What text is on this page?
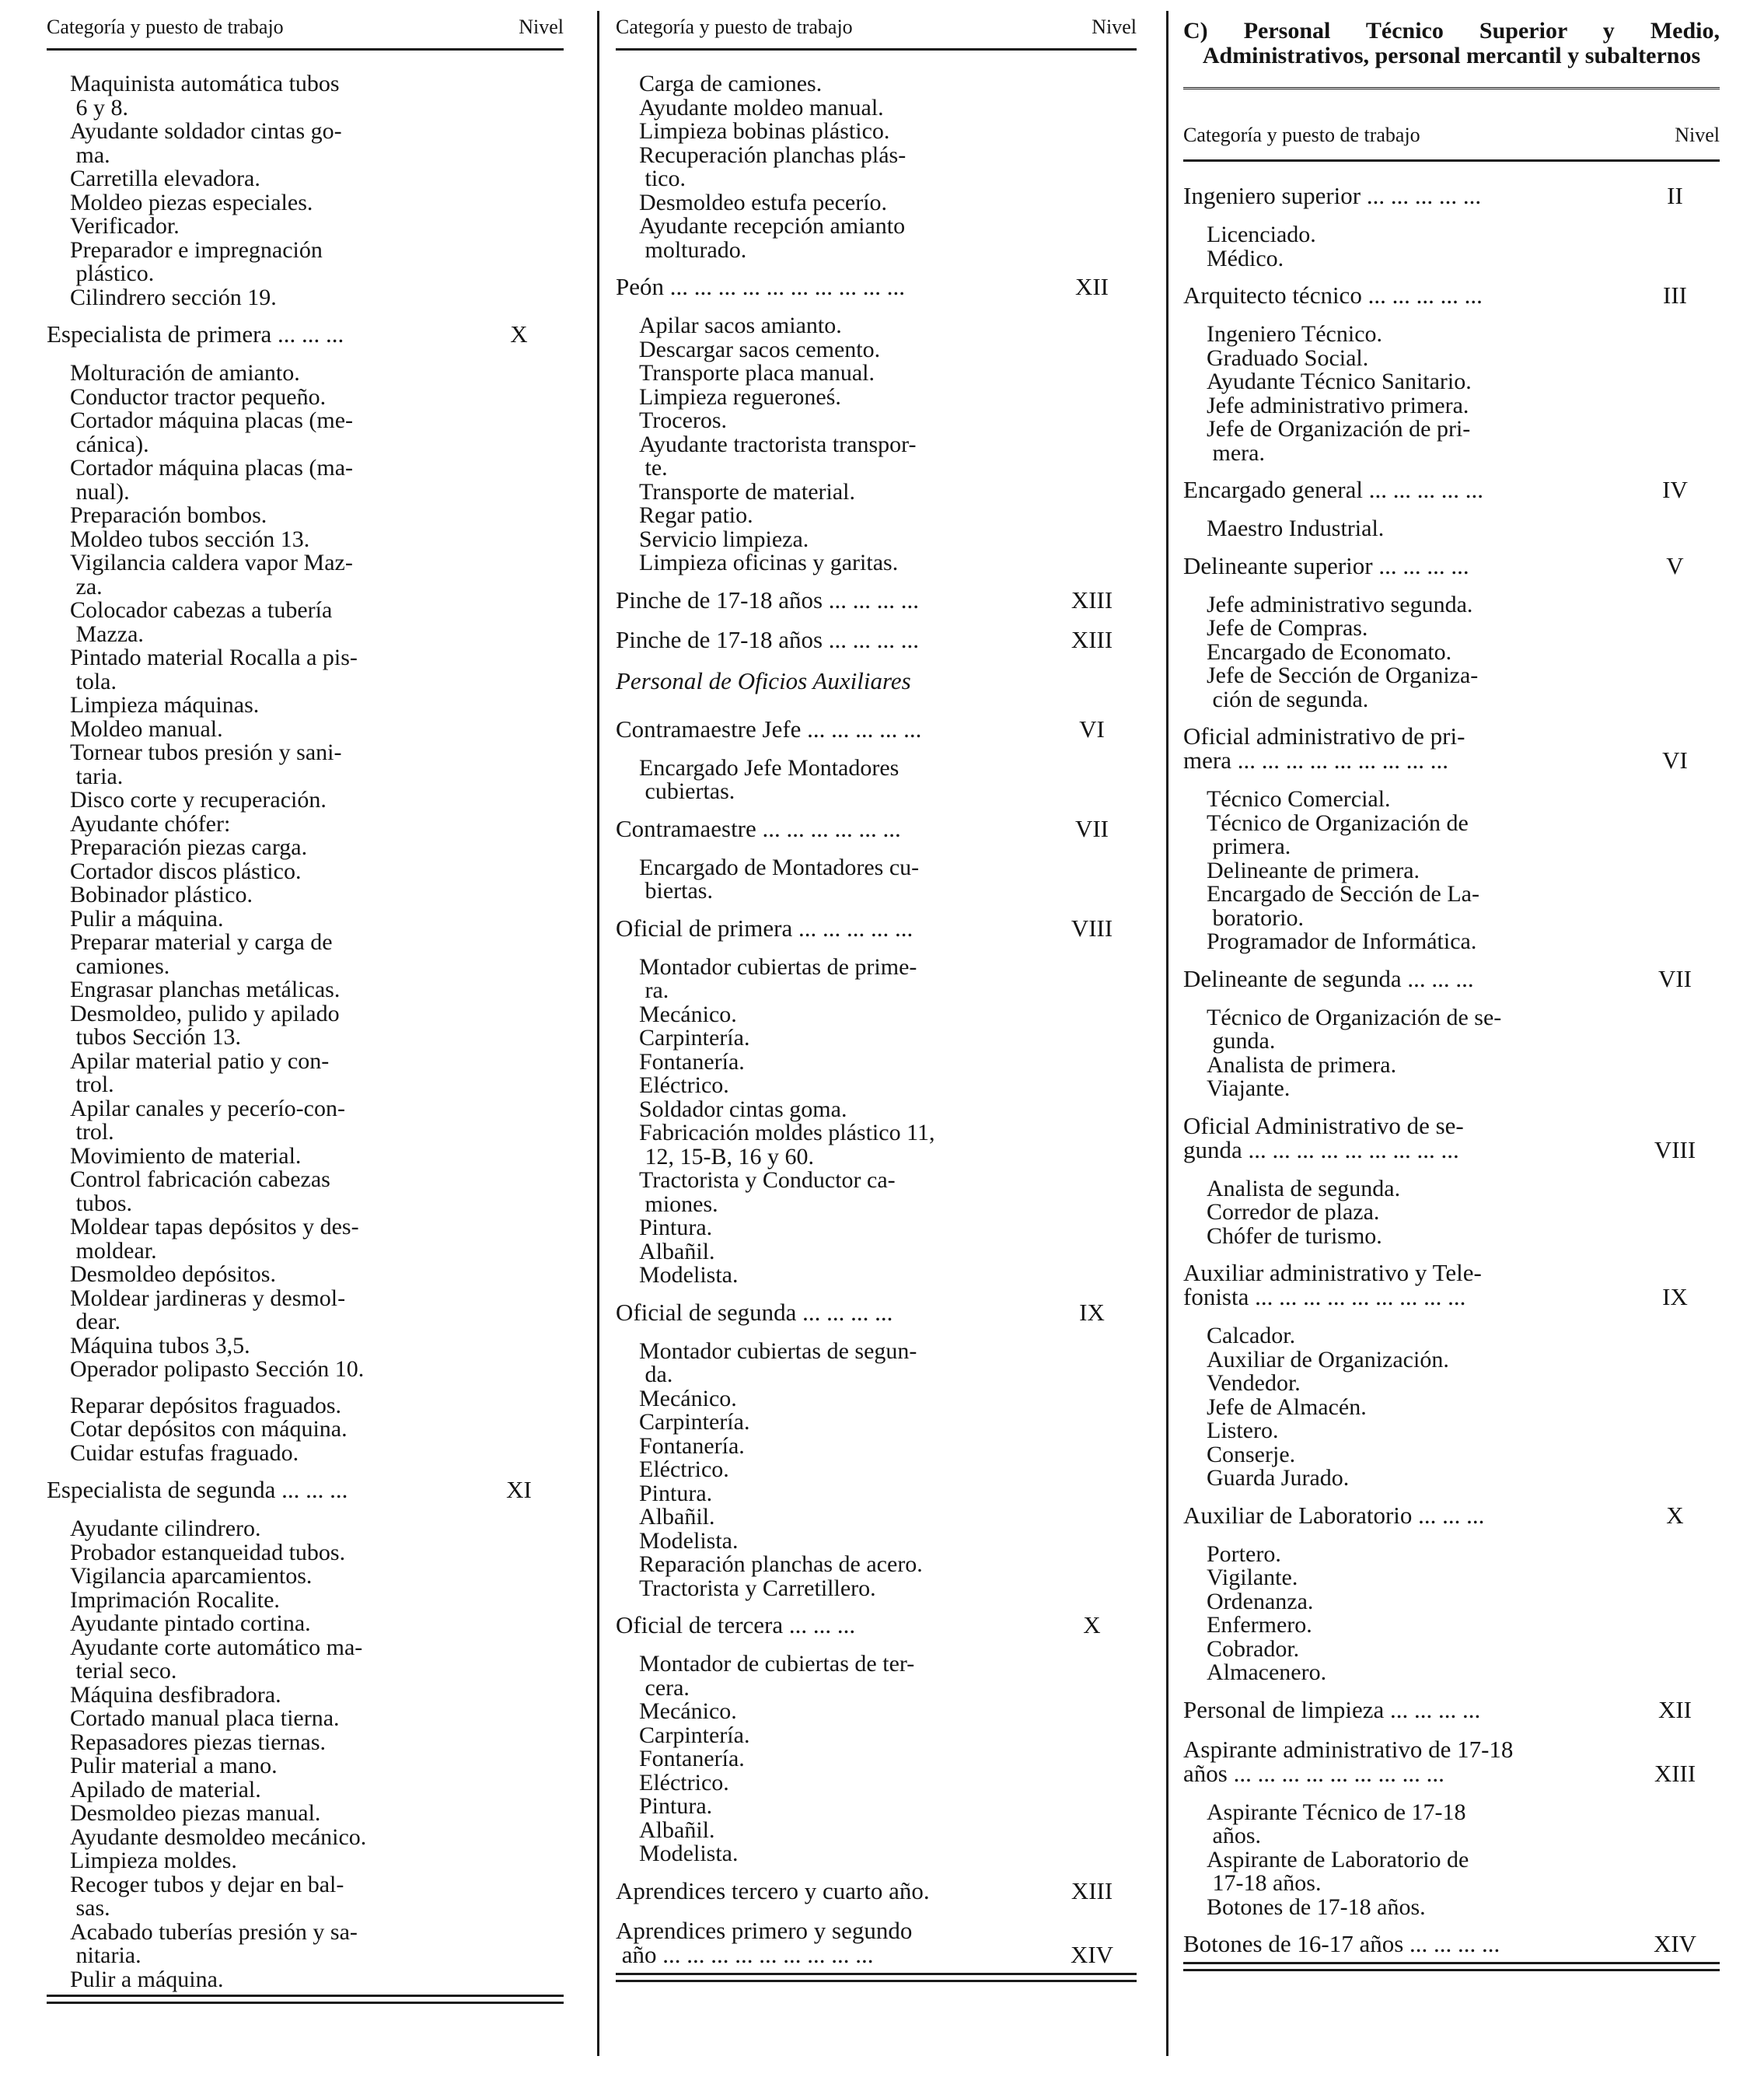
Categoría y puesto de trabajo	Nivel
Maquinista automática tubos
6 y 8.
Ayudante soldador cintas go-
ma.
Carretilla elevadora.
Moldeo piezas especiales.
Verificador.
Preparador e impregnación
plástico.
Cilindrero sección 19.
Especialista de primera ... ... ...	X
Molturación de amianto.
Conductor tractor pequeño.
Cortador máquina placas (me-
cánica).
Cortador máquina placas (ma-
nual).
Preparación bombos.
Moldeo tubos sección 13.
Vigilancia caldera vapor Maz-
za.
Colocador cabezas a tubería
Mazza.
Pintado material Rocalla a pis-
tola.
Limpieza máquinas.
Moldeo manual.
Tornear tubos presión y sani-
taria.
Disco corte y recuperación.
Ayudante chófer:
Preparación piezas carga.
Cortador discos plástico.
Bobinador plástico.
Pulir a máquina.
Preparar material y carga de
camiones.
Engrasar planchas metálicas.
Desmoldeo, pulido y apilado
tubos Sección 13.
Apilar material patio y con-
trol.
Apilar canales y pecerío-con-
trol.
Movimiento de material.
Control fabricación cabezas
tubos.
Moldear tapas depósitos y des-
moldear.
Desmoldeo depósitos.
Moldear jardineras y desmol-
dear.
Máquina tubos 3,5.
Operador polipasto Sección 10.
Reparar depósitos fraguados.
Cotar depósitos con máquina.
Cuidar estufas fraguado.
Especialista de segunda ... ... ...	XI
Ayudante cilindrero.
Probador estanqueidad tubos.
Vigilancia aparcamientos.
Imprimación Rocalite.
Ayudante pintado cortina.
Ayudante corte automático ma-
terial seco.
Máquina desfibradora.
Cortado manual placa tierna.
Repasadores piezas tiernas.
Pulir material a mano.
Apilado de material.
Desmoldeo piezas manual.
Ayudante desmoldeo mecánico.
Limpieza moldes.
Recoger tubos y dejar en bal-
sas.
Acabado tuberías presión y sa-
nitaria.
Pulir a máquina.
Categoría y puesto de trabajo	Nivel
Carga de camiones.
Ayudante moldeo manual.
Limpieza bobinas plástico.
Recuperación planchas plás-
tico.
Desmoldeo estufa pecerío.
Ayudante recepción amianto
molturado.
Peón ... ... ... ... ... ... ... ... ... ...	XII
Apilar sacos amianto.
Descargar sacos cemento.
Transporte placa manual.
Limpieza regueroneś.
Troceros.
Ayudante tractorista transpor-
te.
Transporte de material.
Regar patio.
Servicio limpieza.
Limpieza oficinas y garitas.
Pinche de 17-18 años ... ... ... ...	XIII
Pinche de 17-18 años ... ... ... ...	XIII
Personal de Oficios Auxiliares
Contramaestre Jefe ... ... ... ... ...	VI
Encargado Jefe Montadores
cubiertas.
Contramaestre ... ... ... ... ... ...	VII
Encargado de Montadores cu-
biertas.
Oficial de primera ... ... ... ... ...	VIII
Montador cubiertas de prime-
ra.
Mecánico.
Carpintería.
Fontanería.
Eléctrico.
Soldador cintas goma.
Fabricación moldes plástico 11,
12, 15-B, 16 y 60.
Tractorista y Conductor ca-
miones.
Pintura.
Albañil.
Modelista.
Oficial de segunda ... ... ... ...	IX
Montador cubiertas de segun-
da.
Mecánico.
Carpintería.
Fontanería.
Eléctrico.
Pintura.
Albañil.
Modelista.
Reparación planchas de acero.
Tractorista y Carretillero.
Oficial de tercera ... ... ...	X
Montador de cubiertas de ter-
cera.
Mecánico.
Carpintería.
Fontanería.
Eléctrico.
Pintura.
Albañil.
Modelista.
Aprendices tercero y cuarto año.	XIII
Aprendices primero y segundo
año ... ... ... ... ... ... ... ... ...	XIV
C) Personal Técnico Superior y Medio, Administrativos, personal mercantil y subalternos
Categoría y puesto de trabajo	Nivel
Ingeniero superior ... ... ... ... ...	II
Licenciado.
Médico.
Arquitecto técnico ... ... ... ... ...	III
Ingeniero Técnico.
Graduado Social.
Ayudante Técnico Sanitario.
Jefe administrativo primera.
Jefe de Organización de pri-
mera.
Encargado general ... ... ... ... ...	IV
Maestro Industrial.
Delineante superior ... ... ... ...	V
Jefe administrativo segunda.
Jefe de Compras.
Encargado de Economato.
Jefe de Sección de Organiza-
ción de segunda.
Oficial administrativo de pri-
mera ... ... ... ... ... ... ... ... ...	VI
Técnico Comercial.
Técnico de Organización de
primera.
Delineante de primera.
Encargado de Sección de La-
boratorio.
Programador de Informática.
Delineante de segunda ... ... ...	VII
Técnico de Organización de se-
gunda.
Analista de primera.
Viajante.
Oficial Administrativo de se-
gunda ... ... ... ... ... ... ... ... ...	VIII
Analista de segunda.
Corredor de plaza.
Chófer de turismo.
Auxiliar administrativo y Tele-
fonista ... ... ... ... ... ... ... ... ...	IX
Calcador.
Auxiliar de Organización.
Vendedor.
Jefe de Almacén.
Listero.
Conserje.
Guarda Jurado.
Auxiliar de Laboratorio ... ... ...	X
Portero.
Vigilante.
Ordenanza.
Enfermero.
Cobrador.
Almacenero.
Personal de limpieza ... ... ... ...	XII
Aspirante administrativo de 17-18
años ... ... ... ... ... ... ... ... ...	XIII
Aspirante Técnico de 17-18
años.
Aspirante de Laboratorio de
17-18 años.
Botones de 17-18 años.
Botones de 16-17 años ... ... ... ...	XIV
